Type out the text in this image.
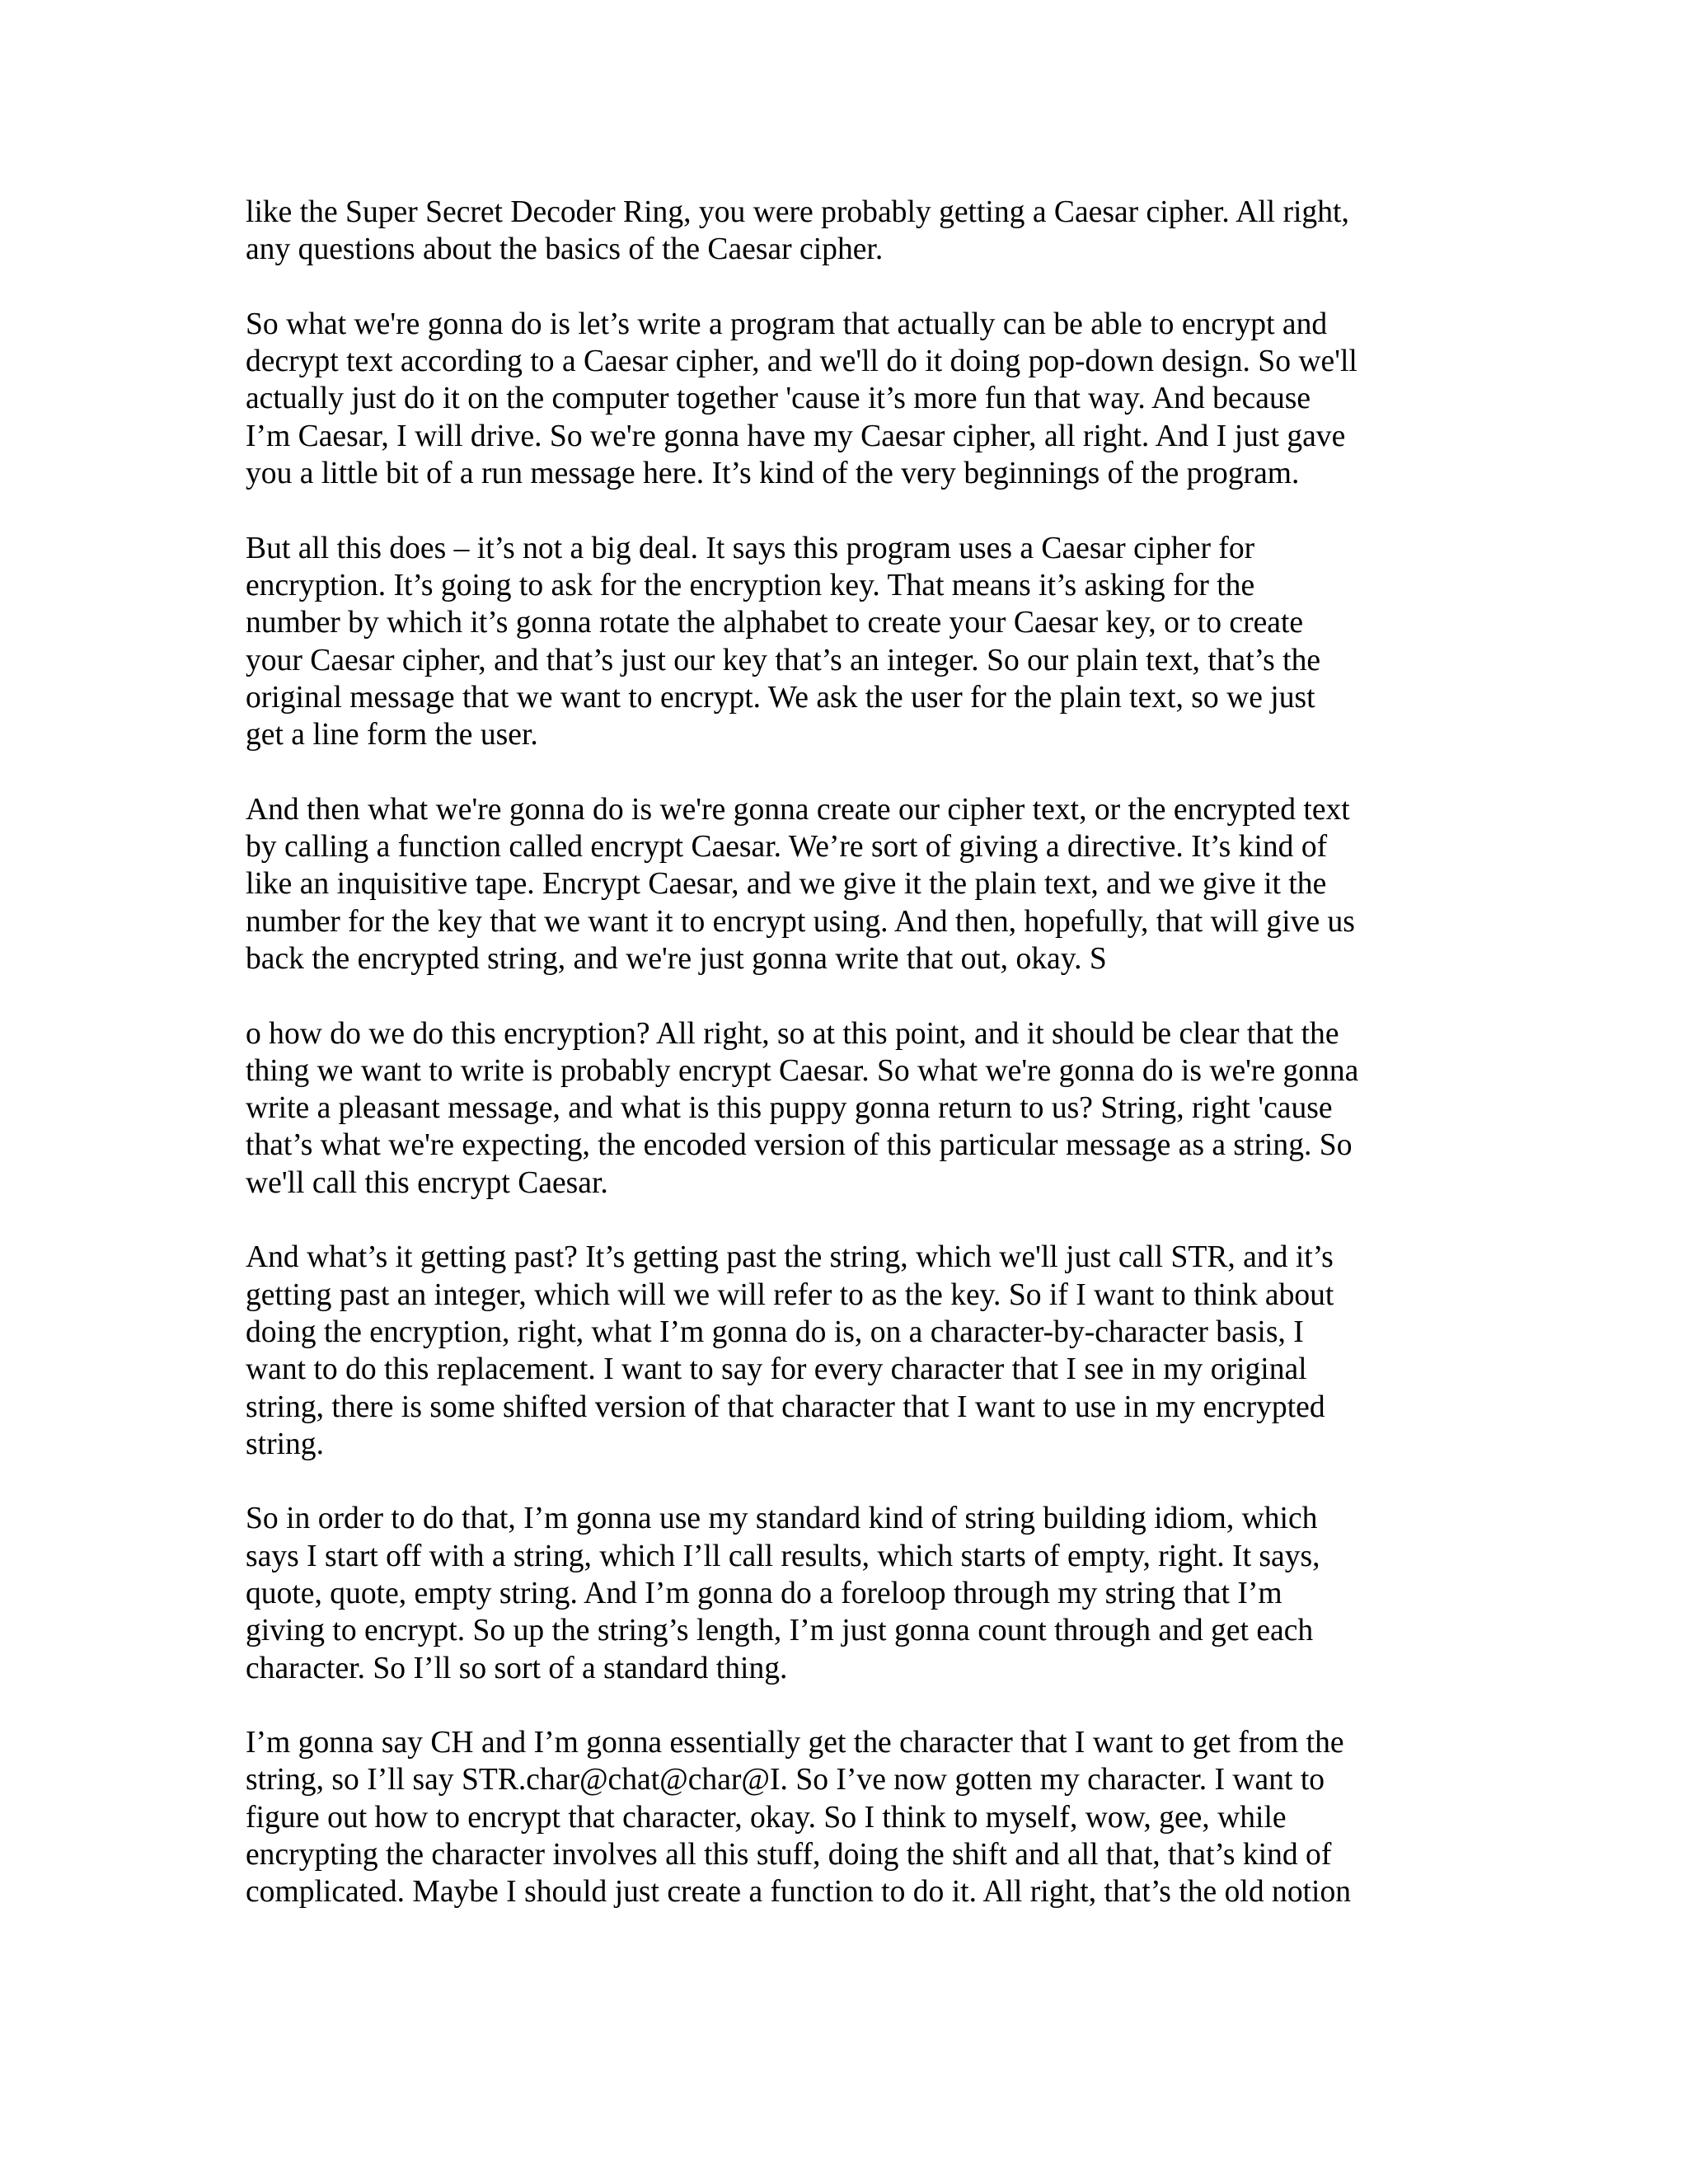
like the Super Secret Decoder Ring, you were probably getting a Caesar cipher. All right,
any questions about the basics of the Caesar cipher.

So what we're gonna do is let’s write a program that actually can be able to encrypt and
decrypt text according to a Caesar cipher, and we'll do it doing pop-down design. So we'll
actually just do it on the computer together 'cause it’s more fun that way. And because
I’m Caesar, I will drive. So we're gonna have my Caesar cipher, all right. And I just gave
you a little bit of a run message here. It’s kind of the very beginnings of the program.

But all this does – it’s not a big deal. It says this program uses a Caesar cipher for
encryption. It’s going to ask for the encryption key. That means it’s asking for the
number by which it’s gonna rotate the alphabet to create your Caesar key, or to create
your Caesar cipher, and that’s just our key that’s an integer. So our plain text, that’s the
original message that we want to encrypt. We ask the user for the plain text, so we just
get a line form the user.

And then what we're gonna do is we're gonna create our cipher text, or the encrypted text
by calling a function called encrypt Caesar. We’re sort of giving a directive. It’s kind of
like an inquisitive tape. Encrypt Caesar, and we give it the plain text, and we give it the
number for the key that we want it to encrypt using. And then, hopefully, that will give us
back the encrypted string, and we're just gonna write that out, okay. S

o how do we do this encryption? All right, so at this point, and it should be clear that the
thing we want to write is probably encrypt Caesar. So what we're gonna do is we're gonna
write a pleasant message, and what is this puppy gonna return to us? String, right 'cause
that’s what we're expecting, the encoded version of this particular message as a string. So
we'll call this encrypt Caesar.

And what’s it getting past? It’s getting past the string, which we'll just call STR, and it’s
getting past an integer, which will we will refer to as the key. So if I want to think about
doing the encryption, right, what I’m gonna do is, on a character-by-character basis, I
want to do this replacement. I want to say for every character that I see in my original
string, there is some shifted version of that character that I want to use in my encrypted
string.

So in order to do that, I’m gonna use my standard kind of string building idiom, which
says I start off with a string, which I’ll call results, which starts of empty, right. It says,
quote, quote, empty string. And I’m gonna do a foreloop through my string that I’m
giving to encrypt. So up the string’s length, I’m just gonna count through and get each
character. So I’ll so sort of a standard thing.

I’m gonna say CH and I’m gonna essentially get the character that I want to get from the
string, so I’ll say STR.char@chat@char@I. So I’ve now gotten my character. I want to
figure out how to encrypt that character, okay. So I think to myself, wow, gee, while
encrypting the character involves all this stuff, doing the shift and all that, that’s kind of
complicated. Maybe I should just create a function to do it. All right, that’s the old notion
